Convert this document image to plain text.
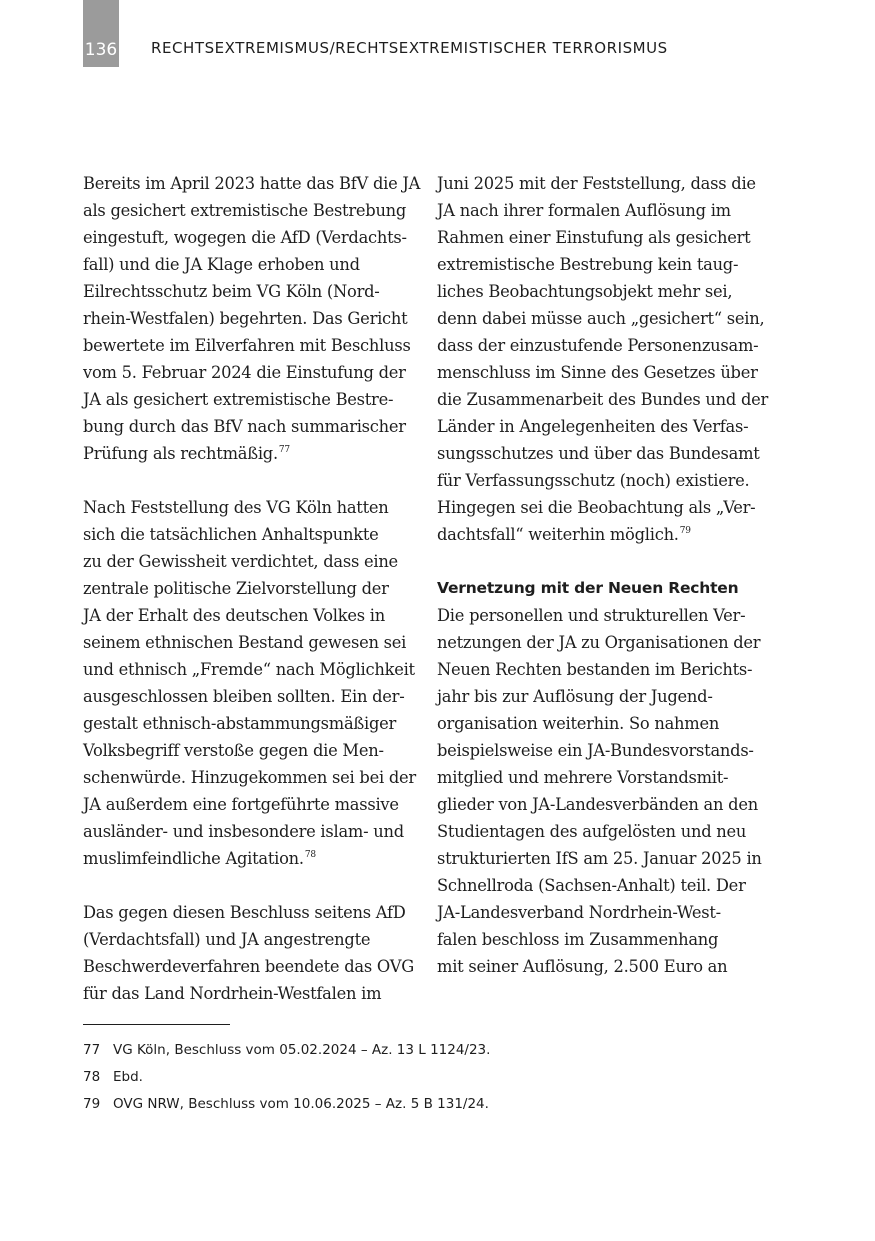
136 RECHTSEXTREMISMUS/RECHTSEXTREMISTISCHER TERRORISMUS
Bereits im April 2023 hatte das BfV die JA
als gesichert extremistische Bestrebung
eingestuft, wogegen die AfD (Verdachts-
fall) und die JA Klage erhoben und
Eilrechtsschutz beim VG Köln (Nord-
rhein-Westfalen) begehrten. Das Gericht
bewertete im Eilverfahren mit Beschluss
vom 5. Februar 2024 die Einstufung der
JA als gesichert extremistische Bestre-
bung durch das BfV nach summarischer
Prüfung als rechtmäßig.$^{77}$
Nach Feststellung des VG Köln hatten
sich die tatsächlichen Anhaltspunkte
zu der Gewissheit verdichtet, dass eine
zentrale politische Zielvorstellung der
JA der Erhalt des deutschen Volkes in
seinem ethnischen Bestand gewesen sei
und ethnisch „Fremde“ nach Möglichkeit
ausgeschlossen bleiben sollten. Ein der-
gestalt ethnisch-abstammungsmäßiger
Volksbegriff verstoße gegen die Men-
schenwürde. Hinzugekommen sei bei der
JA außerdem eine fortgeführte massive
ausländer- und insbesondere islam- und
muslimfeindliche Agitation.$^{78}$
Das gegen diesen Beschluss seitens AfD
(Verdachtsfall) und JA angestrengte
Beschwerdeverfahren beendete das OVG
für das Land Nordrhein-Westfalen im
Juni 2025 mit der Feststellung, dass die
JA nach ihrer formalen Auflösung im
Rahmen einer Einstufung als gesichert
extremistische Bestrebung kein taug-
liches Beobachtungsobjekt mehr sei,
denn dabei müsse auch „gesichert“ sein,
dass der einzustufende Personenzusam-
menschluss im Sinne des Gesetzes über
die Zusammenarbeit des Bundes und der
Länder in Angelegenheiten des Verfas-
sungsschutzes und über das Bundesamt
für Verfassungsschutz (noch) existiere.
Hingegen sei die Beobachtung als „Ver-
dachtsfall“ weiterhin möglich.$^{79}$
Vernetzung mit der Neuen Rechten
Die personellen und strukturellen Ver-
netzungen der JA zu Organisationen der
Neuen Rechten bestanden im Berichts-
jahr bis zur Auflösung der Jugend-
organisation weiterhin. So nahmen
beispielsweise ein JA-Bundesvorstands-
mitglied und mehrere Vorstandsmit-
glieder von JA-Landesverbänden an den
Studientagen des aufgelösten und neu
strukturierten IfS am 25. Januar 2025 in
Schnellroda (Sachsen-Anhalt) teil. Der
JA-Landesverband Nordrhein-West-
falen beschloss im Zusammenhang
mit seiner Auflösung, 2.500 Euro an
77 VG Köln, Beschluss vom 05.02.2024 – Az. 13 L 1124/23.
78 Ebd.
79 OVG NRW, Beschluss vom 10.06.2025 – Az. 5 B 131/24.
